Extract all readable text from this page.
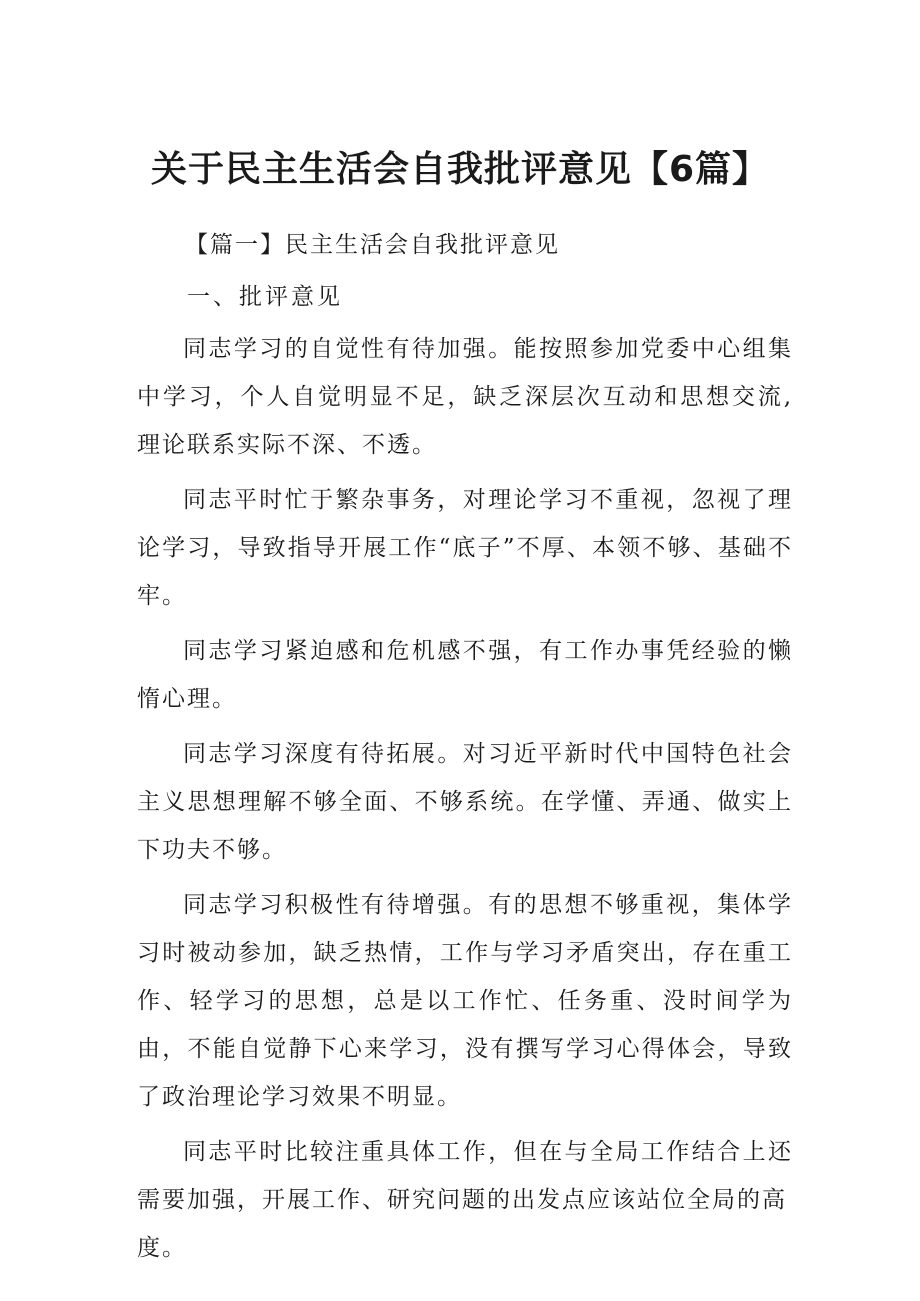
关于民主生活会自我批评意见【6篇】

【篇一】民主生活会自我批评意见

一、批评意见

同志学习的自觉性有待加强。能按照参加党委中心组集中学习，个人自觉明显不足，缺乏深层次互动和思想交流,理论联系实际不深、不透。

同志平时忙于繁杂事务，对理论学习不重视，忽视了理论学习，导致指导开展工作“底子”不厚、本领不够、基础不牢。

同志学习紧迫感和危机感不强，有工作办事凭经验的懒惰心理。

同志学习深度有待拓展。对习近平新时代中国特色社会主义思想理解不够全面、不够系统。在学懂、弄通、做实上下功夫不够。

同志学习积极性有待增强。有的思想不够重视，集体学习时被动参加，缺乏热情，工作与学习矛盾突出，存在重工作、轻学习的思想，总是以工作忙、任务重、没时间学为由，不能自觉静下心来学习，没有撰写学习心得体会，导致了政治理论学习效果不明显。

同志平时比较注重具体工作，但在与全局工作结合上还需要加强，开展工作、研究问题的出发点应该站位全局的高
度。
